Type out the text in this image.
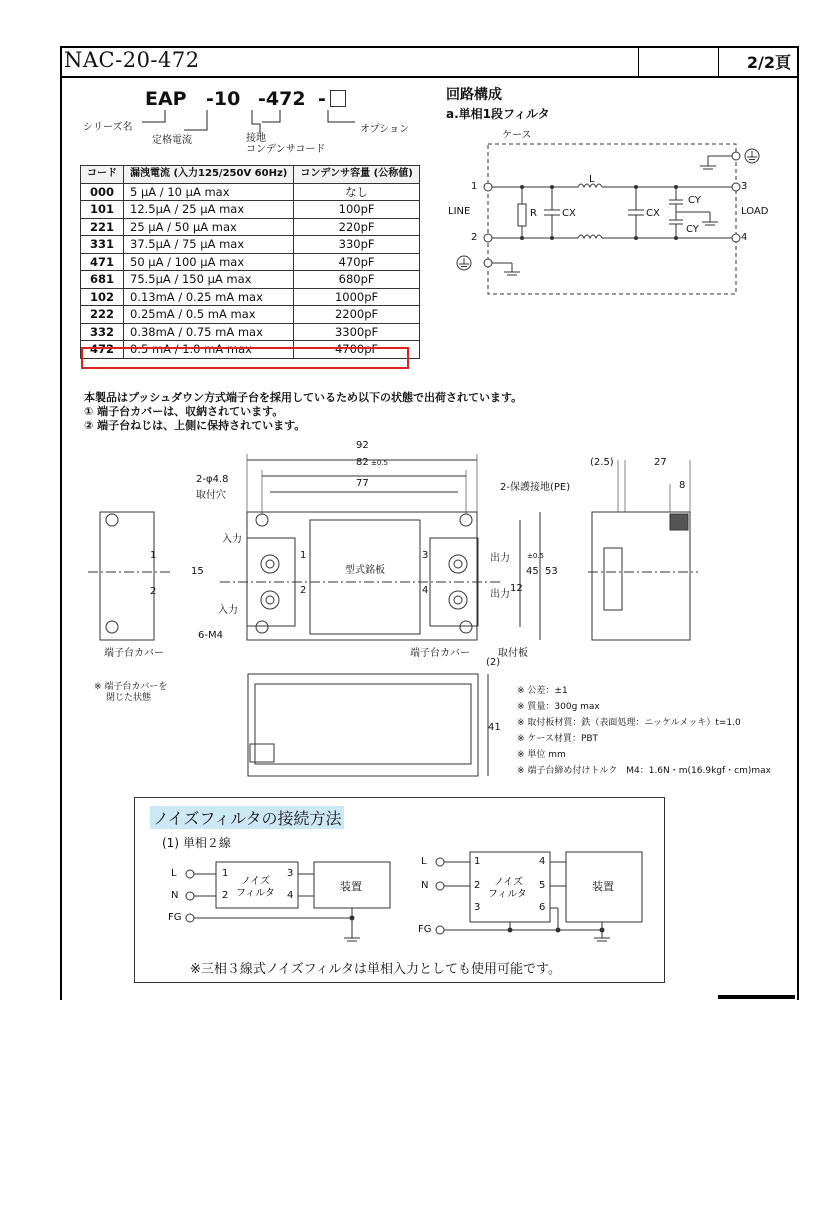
NAC-20-472	2/2頁
EAP -10 -472 -
シリーズ名
定格電流	接地
コンデンサコード
オプション
コード	漏洩電流 (入力125/250V 60Hz)	コンデンサ容量 (公称値)
000	5 μA / 10 μA max	なし
101	12.5μA / 25 μA max	100pF
221	25 μA / 50 μA max	220pF
331	37.5μA / 75 μA max	330pF
471	50 μA / 100 μA max	470pF
681	75.5μA / 150 μA max	680pF
102	0.13mA / 0.25 mA max	1000pF
222	0.25mA / 0.5 mA max	2200pF
332	0.38mA / 0.75 mA max	3300pF
472	0.5 mA / 1.0 mA max	4700pF
回路構成
a.単相1段フィルタ
ケース
LINE	LOAD
1
2
3
4
L
R	CX	CX
CY
CY
本製品はプッシュダウン方式端子台を採用しているため以下の状態で出荷されています。
① 端子台カバーは、収納されています。
② 端子台ねじは、上側に保持されています。
92
82 ±0.5
77
(2.5)	27
8
15	45
±0.5
53
12
(2)
41
2-φ4.8
取付穴
2-保護接地(PE)
入力
入力
出力
出力
型式銘板
6-M4
端子台カバー	端子台カバー	取付板
※ 端子台カバーを
閉じた状態
1
2
3
4
1
2
※ 公差：±1
※ 質量：300g max
※ 取付板材質：鉄（表面処理：ニッケルメッキ）t=1.0
※ ケース材質：PBT
※ 単位 mm
※ 端子台締め付けトルク　M4：1.6N・m(16.9kgf・cm)max
ノイズフィルタの接続方法
(1) 単相２線
L
N
FG
1
2
3
4
ノイズ
フィルタ
装置
L
N
FG
1
2
3
4
5
6
ノイズ
フィルタ
装置
※三相３線式ノイズフィルタは単相入力としても使用可能です。
